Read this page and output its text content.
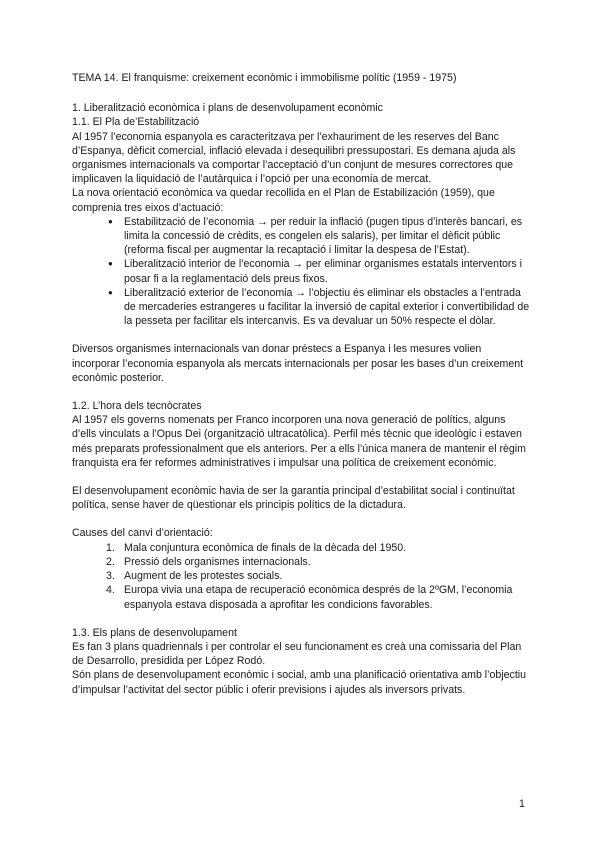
TEMA 14. El franquisme: creixement econòmic i immobilisme polític (1959 - 1975)

1. Liberalització econòmica i plans de desenvolupament econòmic

1.1. El Pla de’Estabilització

Al 1957 l’economia espanyola es caracteritzava per l’exhauriment de les reserves del Banc d’Espanya, dèficit comercial, inflació elevada i desequilibri pressupostari. Es demana ajuda als organismes internacionals va comportar l’acceptació d’un conjunt de mesures correctores que implicaven la liquidació de l’autàrquica i l’opció per una economia de mercat.

La nova orientació econòmica va quedar recollida en el Plan de Estabilización (1959), que comprenia tres eixos d’actuació:

● Estabilització de l’economia → per reduir la inflació (pugen tipus d’interès bancari, es limita la concessió de crèdits, es congelen els salaris), per limitar el dèficit públic (reforma fiscal per augmentar la recaptació i limitar la despesa de l’Estat).
● Liberalització interior de l’economia → per eliminar organismes estatals interventors i posar fi a la reglamentació dels preus fixos.
● Liberalització exterior de l’economia → l’objectiu és eliminar els obstacles a l’entrada de mercaderies estrangeres u facilitar la inversió de capital exterior i convertibilidad de la pesseta per facilitar els intercanvis. Es va devaluar un 50% respecte el dòlar.

Diversos organismes internacionals van donar préstecs a Espanya i les mesures volien incorporar l’economia espanyola als mercats internacionals per posar les bases d’un creixement econòmic posterior.

1.2. L’hora dels tecnòcrates

Al 1957 els governs nomenats per Franco incorporen una nova generació de polítics, alguns d’ells vinculats a l’Opus Dei (organització ultracatòlica). Perfil més tècnic que ideològic i estaven més preparats professionalment que els anteriors. Per a ells l’única manera de mantenir el règim franquista era fer reformes administratives i impulsar una política de creixement econòmic.

El desenvolupament econòmic havia de ser la garantia principal d’estabilitat social i continuïtat política, sense haver de qüestionar els principis polítics de la dictadura.

Causes del canvi d’orientació:

1. Mala conjuntura econòmica de finals de la dècada del 1950.
2. Pressió dels organismes internacionals.
3. Augment de les protestes socials.
4. Europa vivia una etapa de recuperació econòmica després de la 2ºGM, l’economia espanyola estava disposada a aprofitar les condicions favorables.

1.3. Els plans de desenvolupament

Es fan 3 plans quadriennals i per controlar el seu funcionament es creà una comissaria del Plan de Desarrollo, presidida per López Rodó.

Són plans de desenvolupament econòmic i social, amb una planificació orientativa amb l’objectiu d’impulsar l’activitat del sector públic i oferir previsions i ajudes als inversors privats.

1
